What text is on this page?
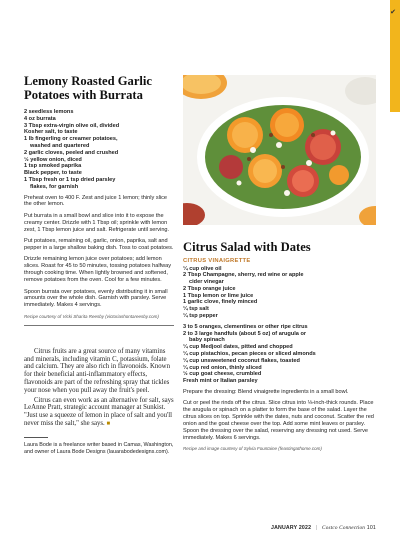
✔
Lemony Roasted Garlic Potatoes with Burrata

2 seedless lemons

4 oz burrata

3 Tbsp extra-virgin olive oil, divided

Kosher salt, to taste

1 lb fingerling or creamer potatoes,

washed and quartered

2 garlic cloves, peeled and crushed

½ yellow onion, diced

1 tsp smoked paprika

Black pepper, to taste

1 Tbsp fresh or 1 tsp dried parsley

flakes, for garnish

Preheat oven to 400 F. Zest and juice 1 lemon; thinly slice the other lemon.

Put burrata in a small bowl and slice into it to expose the creamy center. Drizzle with 1 Tbsp oil; sprinkle with lemon zest, 1 Tbsp lemon juice and salt. Refrigerate until serving.

Put potatoes, remaining oil, garlic, onion, paprika, salt and pepper in a large shallow baking dish. Toss to coat potatoes.

Drizzle remaining lemon juice over potatoes; add lemon slices. Roast for 45 to 50 minutes, tossing potatoes halfway through cooking time. When lightly browned and softened, remove potatoes from the oven. Cool for a few minutes.

Spoon burrata over potatoes, evenly distributing it in small amounts over the whole dish. Garnish with parsley. Serve immediately. Makes 4 servings.

Recipe courtesy of Vicki Sharita Reesby (victoriashontareesby.com)

Citrus fruits are a great source of many vitamins and minerals, including vitamin C, potassium, folate and calcium. They are also rich in flavonoids. Known for their beneficial anti-inflammatory effects, flavonoids are part of the refreshing spray that tickles your nose when you pull away the fruit's peel.

Citrus can even work as an alternative for salt, says LeAnne Pratt, strategic account manager at Sunkist. "Just use a squeeze of lemon in place of salt and you'll never miss the salt," she says. ■

Laura Bode is a freelance writer based in Camas, Washington, and owner of Laura Bode Designs (lauarabodedesigns.com).

Citrus Salad with Dates

CITRUS VINAIGRETTE

¼ cup olive oil

2 Tbsp Champagne, sherry, red wine or apple

cider vinegar

2 Tbsp orange juice

1 Tbsp lemon or lime juice

1 garlic clove, finely minced

¼ tsp salt

¼ tsp pepper

3 to 5 oranges, clementines or other ripe citrus

2 to 3 large handfuls (about 5 oz) of arugula or

baby spinach

¼ cup Medjool dates, pitted and chopped

¼ cup pistachios, pecan pieces or sliced almonds

¼ cup unsweetened coconut flakes, toasted

¼ cup red onion, thinly sliced

½ cup goat cheese, crumbled

Fresh mint or Italian parsley

Prepare the dressing: Blend vinaigrette ingredients in a small bowl.

Cut or peel the rinds off the citrus. Slice citrus into ⅛-inch-thick rounds. Place the arugula or spinach on a platter to form the base of the salad. Layer the citrus slices on top. Sprinkle with the dates, nuts and coconut. Scatter the red onion and the goat cheese over the top. Add some mint leaves or parsley. Spoon the dressing over the salad, reserving any dressing not used. Serve immediately. Makes 6 servings.

Recipe and image courtesy of Sylvia Fountaine (feastingathome.com)

JANUARY 2022 | Costco Connection 101
